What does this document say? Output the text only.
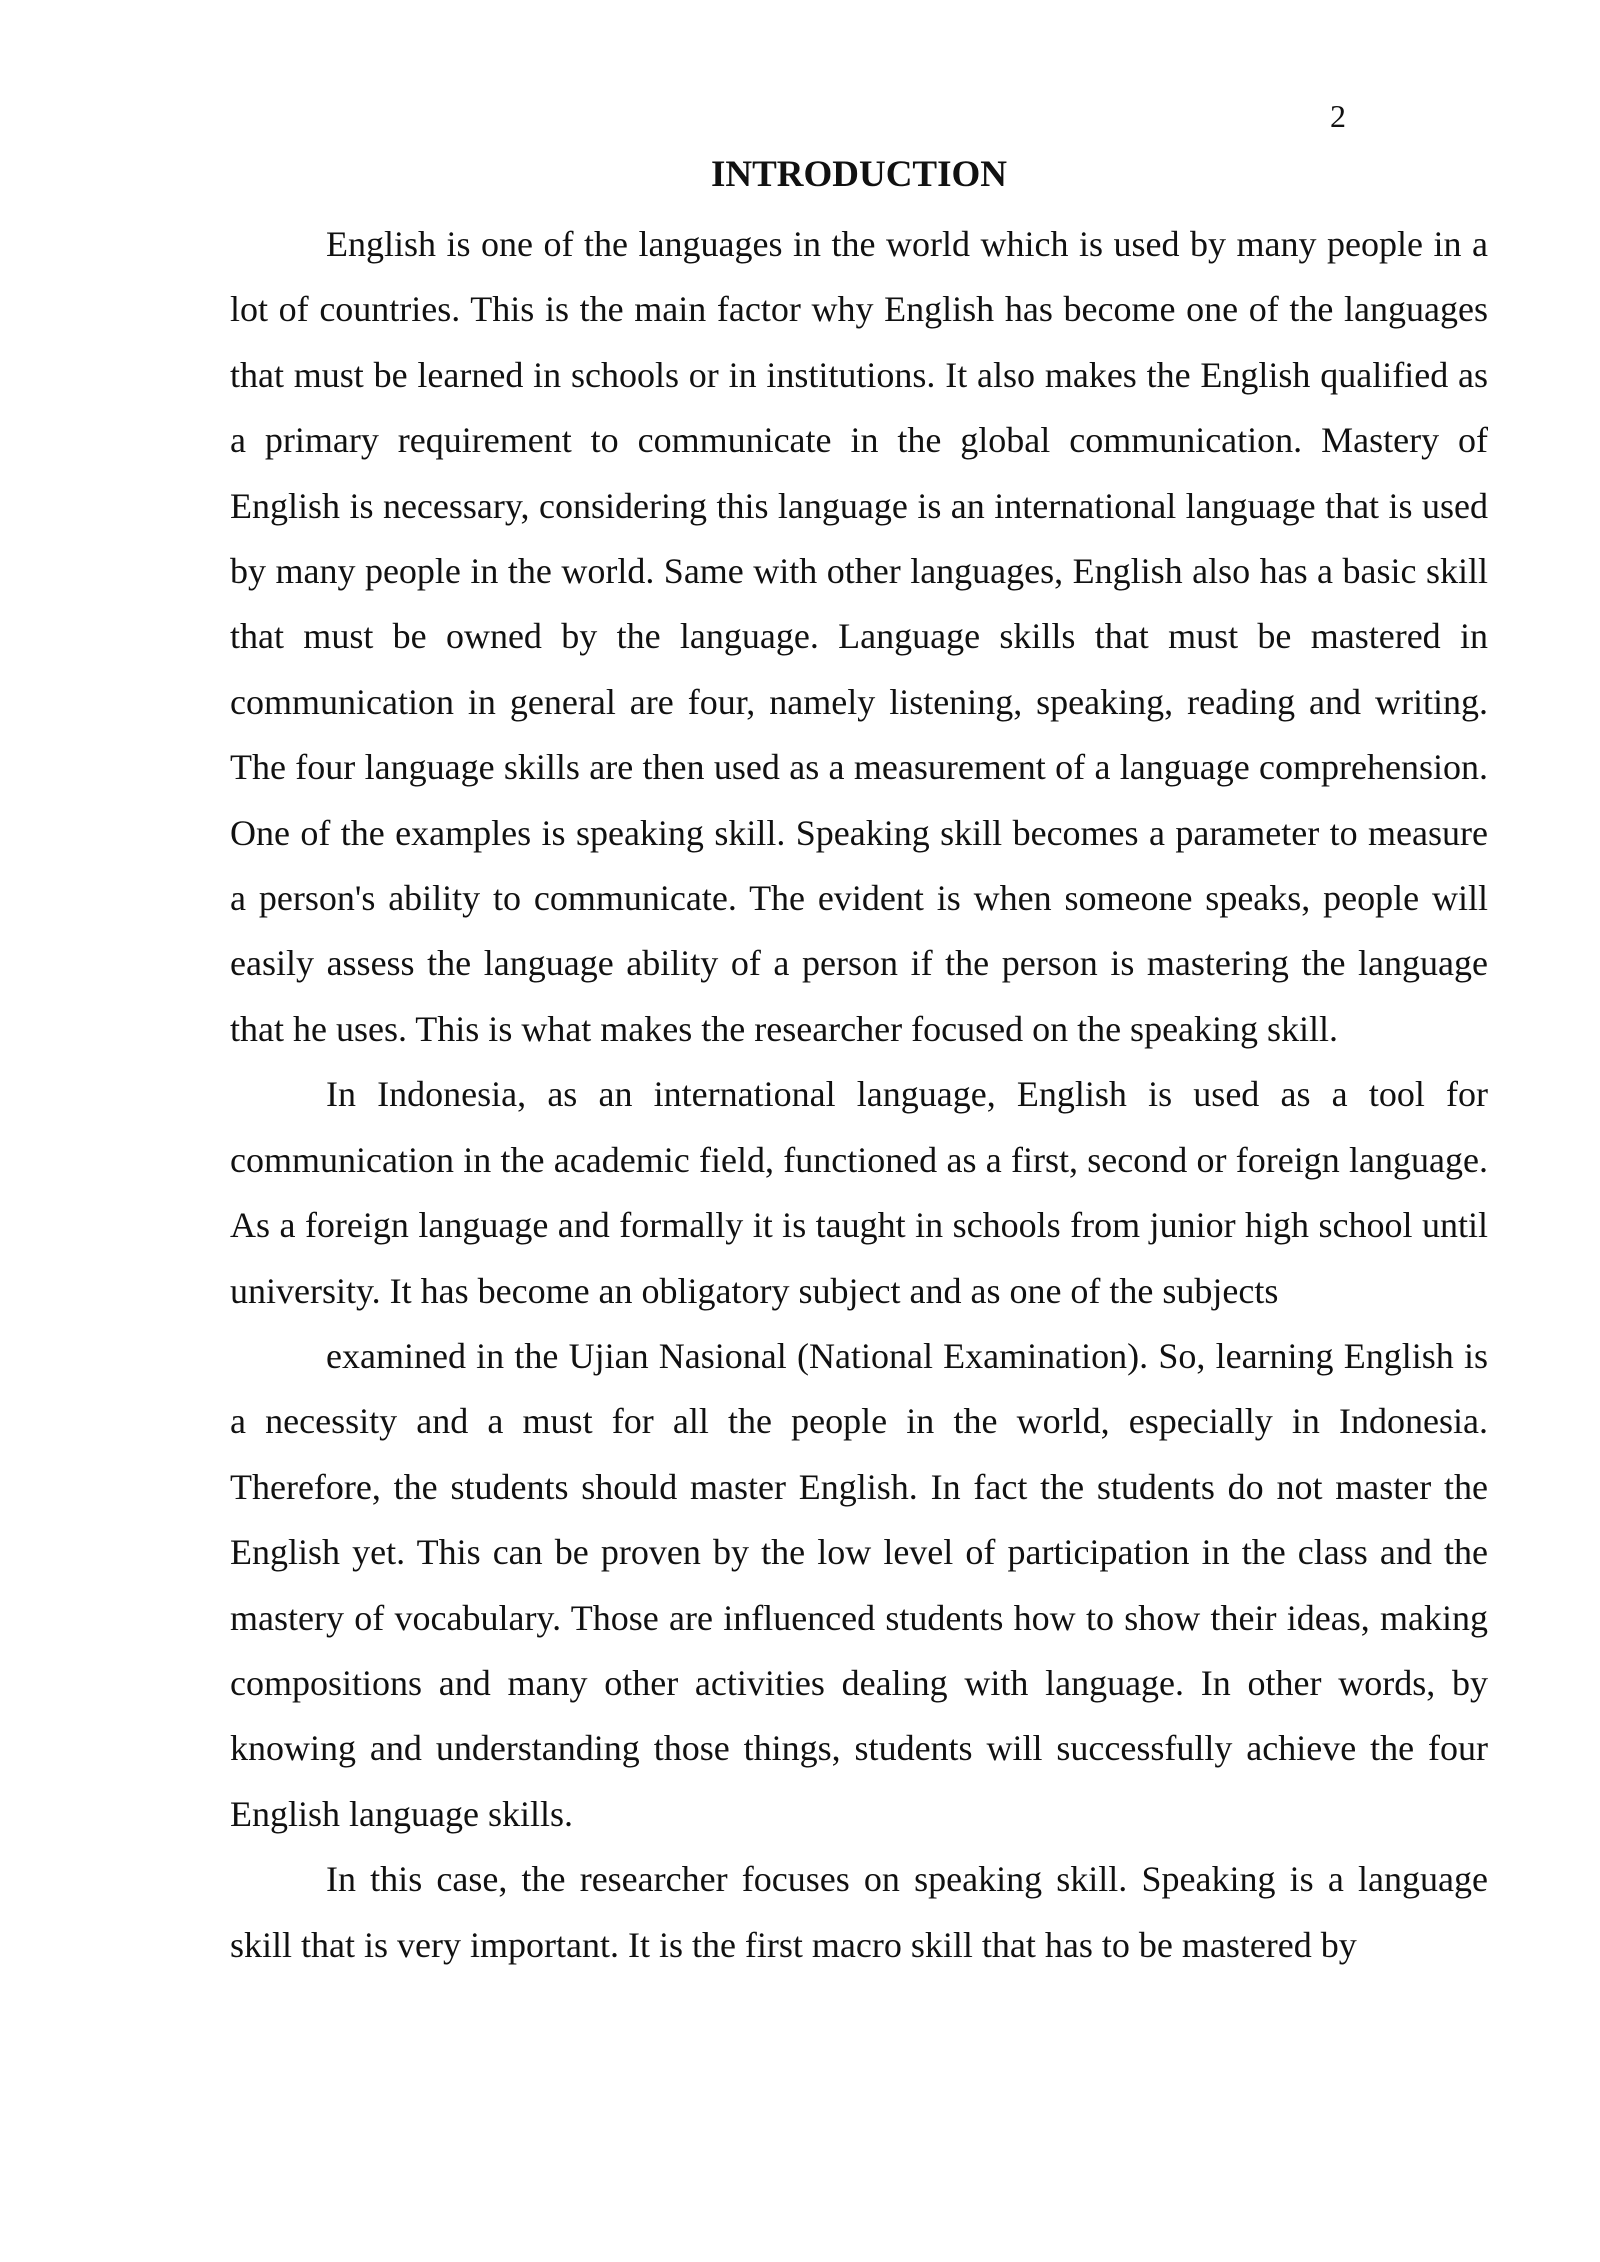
2
INTRODUCTION

English is one of the languages in the world which is used by many people in a lot of countries. This is the main factor why English has become one of the languages that must be learned in schools or in institutions. It also makes the English qualified as a primary requirement to communicate in the global communication. Mastery of English is necessary, considering this language is an international language that is used by many people in the world. Same with other languages, English also has a basic skill that must be owned by the language. Language skills that must be mastered in communication in general are four, namely listening, speaking, reading and writing. The four language skills are then used as a measurement of a language comprehension. One of the examples is speaking skill. Speaking skill becomes a parameter to measure a person's ability to communicate. The evident is when someone speaks, people will easily assess the language ability of a person if the person is mastering the language that he uses. This is what makes the researcher focused on the speaking skill.

In Indonesia, as an international language, English is used as a tool for communication in the academic field, functioned as a first, second or foreign language. As a foreign language and formally it is taught in schools from junior high school until university. It has become an obligatory subject and as one of the subjects

examined in the Ujian Nasional (National Examination). So, learning English is a necessity and a must for all the people in the world, especially in Indonesia. Therefore, the students should master English. In fact the students do not master the English yet. This can be proven by the low level of participation in the class and the mastery of vocabulary. Those are influenced students how to show their ideas, making compositions and many other activities dealing with language. In other words, by knowing and understanding those things, students will successfully achieve the four English language skills.

In this case, the researcher focuses on speaking skill. Speaking is a language skill that is very important. It is the first macro skill that has to be mastered by
